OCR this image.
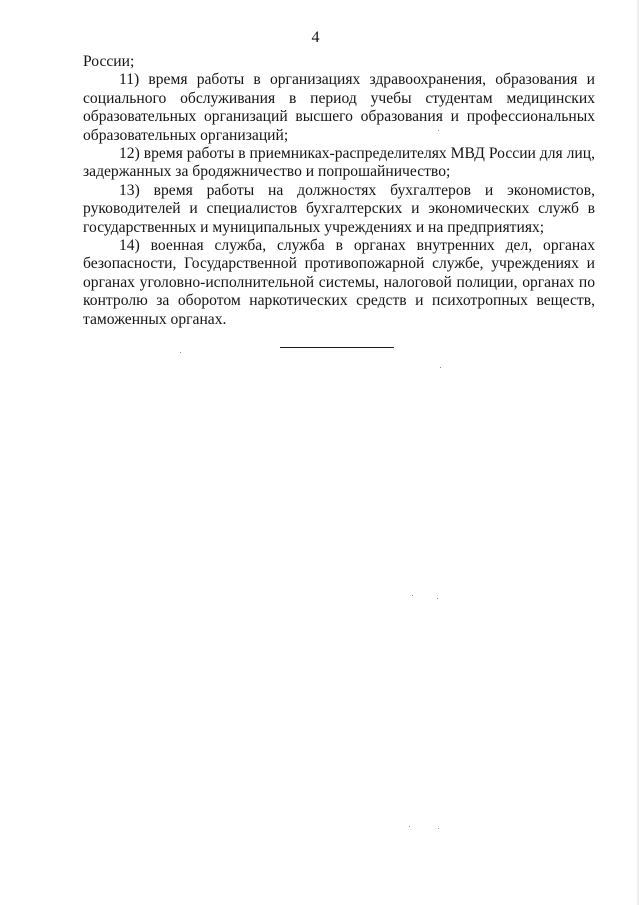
4

России;

11) время работы в организациях здравоохранения, образования и социального обслуживания в период учебы студентам медицинских образовательных организаций высшего образования и профессиональных образовательных организаций;

12) время работы в приемниках-распределителях МВД России для лиц, задержанных за бродяжничество и попрошайничество;

13) время работы на должностях бухгалтеров и экономистов, руководителей и специалистов бухгалтерских и экономических служб в государственных и муниципальных учреждениях и на предприятиях;

14) военная служба, служба в органах внутренних дел, органах безопасности, Государственной противопожарной службе, учреждениях и органах уголовно-исполнительной системы, налоговой полиции, органах по контролю за оборотом наркотических средств и психотропных веществ, таможенных органах.
